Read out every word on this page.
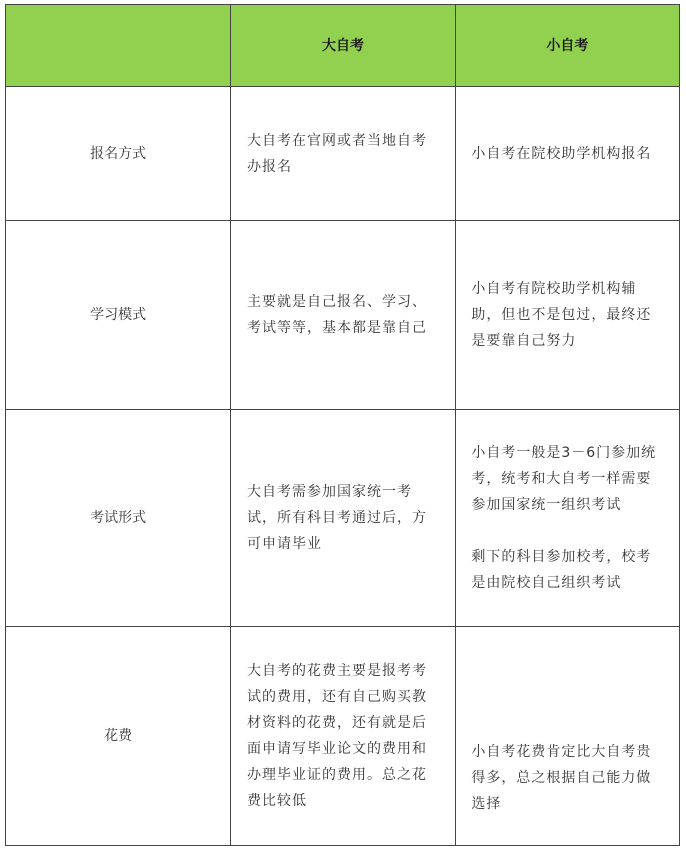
	大自考	小自考
报名方式	大自考在官网或者当地自考办报名	小自考在院校助学机构报名

学习模式	主要就是自己报名、学习、考试等等，基本都是靠自己	小自考有院校助学机构辅助，但也不是包过，最终还是要靠自己努力

考试形式	大自考需参加国家统一考试，所有科目考通过后，方可申请毕业	小自考一般是3－6门参加统考，统考和大自考一样需要参加国家统一组织考试
剩下的科目参加校考，校考是由院校自己组织考试

花费	大自考的花费主要是报考考试的费用，还有自己购买教材资料的花费，还有就是后面申请写毕业论文的费用和办理毕业证的费用。总之花费比较低	小自考花费肯定比大自考贵得多，总之根据自己能力做选择
